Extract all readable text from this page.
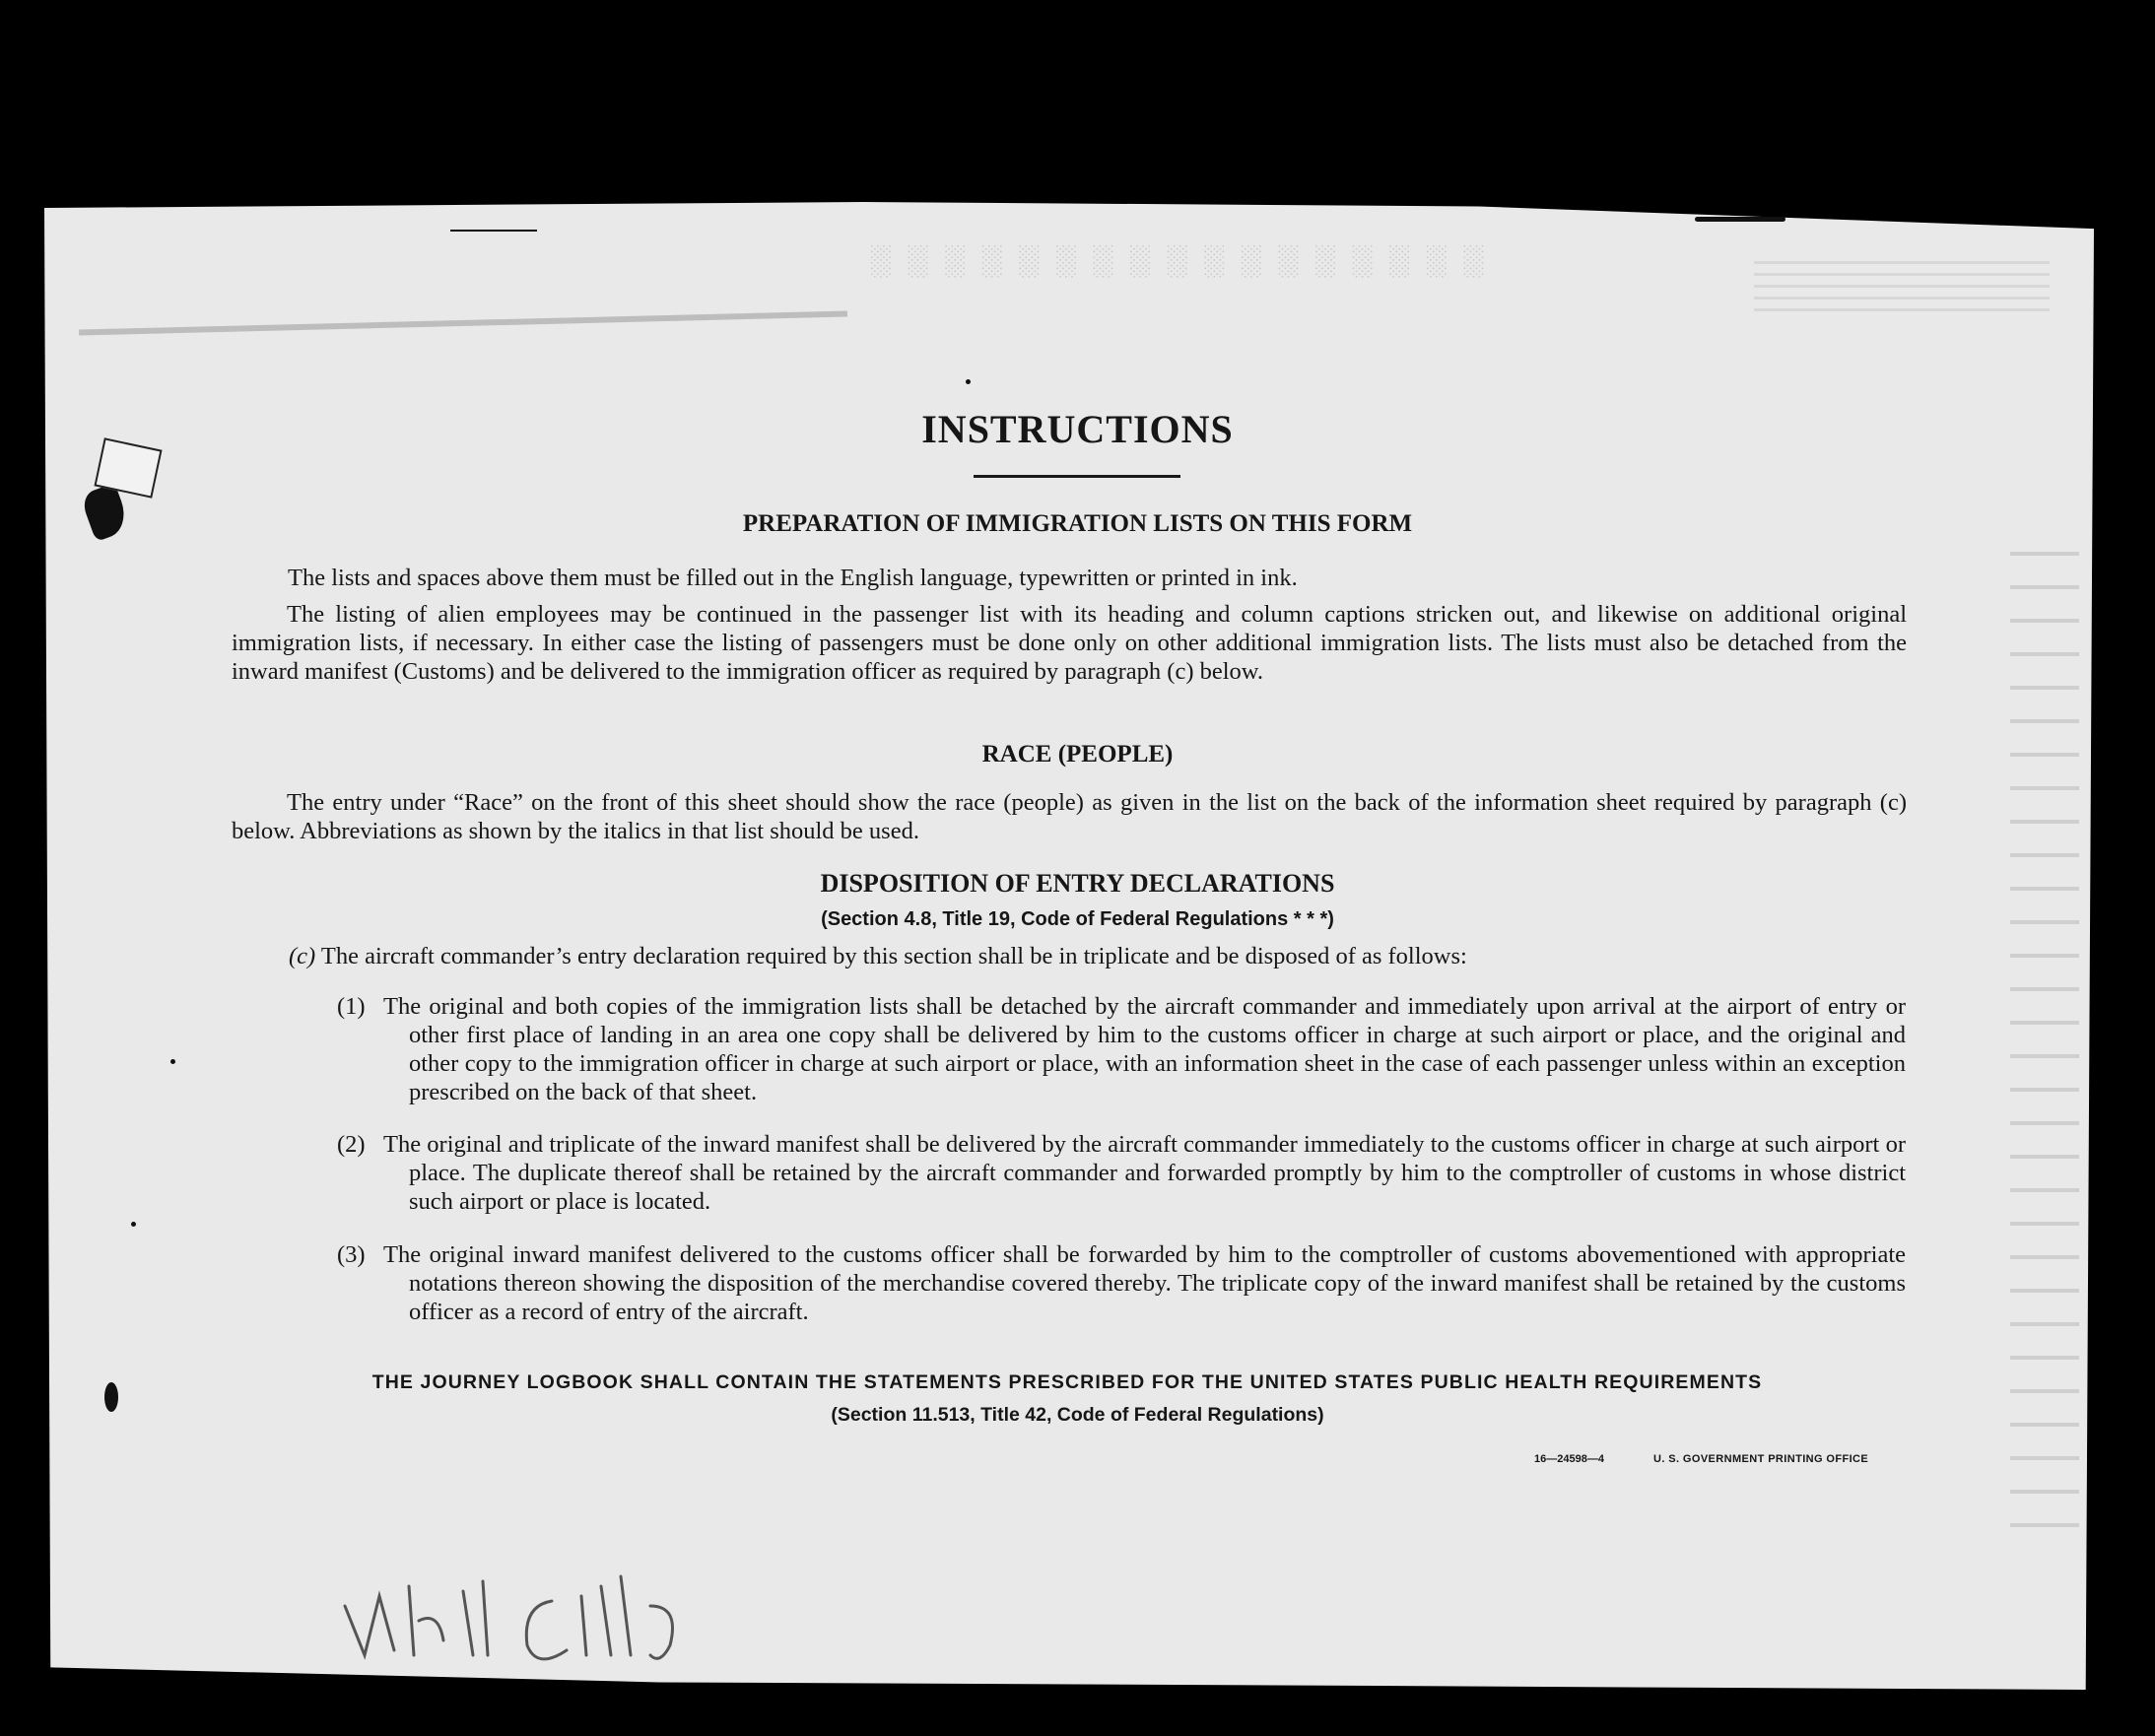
░ ░ ░ ░ ░ ░ ░ ░ ░ ░ ░ ░ ░ ░ ░ ░ ░
INSTRUCTIONS
PREPARATION OF IMMIGRATION LISTS ON THIS FORM
The lists and spaces above them must be filled out in the English language, typewritten or printed in ink.
The listing of alien employees may be continued in the passenger list with its heading and column captions stricken out, and likewise on additional original immigration lists, if necessary. In either case the listing of passengers must be done only on other additional immigration lists. The lists must also be detached from the inward manifest (Customs) and be delivered to the immigration officer as required by paragraph (c) below.
RACE (PEOPLE)
The entry under “Race” on the front of this sheet should show the race (people) as given in the list on the back of the information sheet required by paragraph (c) below. Abbreviations as shown by the italics in that list should be used.
DISPOSITION OF ENTRY DECLARATIONS
(Section 4.8, Title 19, Code of Federal Regulations * * *)
(c) The aircraft commander’s entry declaration required by this section shall be in triplicate and be disposed of as follows:
(1) The original and both copies of the immigration lists shall be detached by the aircraft commander and immediately upon arrival at the airport of entry or other first place of landing in an area one copy shall be delivered by him to the customs officer in charge at such airport or place, and the original and other copy to the immigration officer in charge at such airport or place, with an information sheet in the case of each passenger unless within an exception prescribed on the back of that sheet.
(2) The original and triplicate of the inward manifest shall be delivered by the aircraft commander immediately to the customs officer in charge at such airport or place. The duplicate thereof shall be retained by the aircraft commander and forwarded promptly by him to the comptroller of customs in whose district such airport or place is located.
(3) The original inward manifest delivered to the customs officer shall be forwarded by him to the comptroller of customs abovementioned with appropriate notations thereon showing the disposition of the merchandise covered thereby. The triplicate copy of the inward manifest shall be retained by the customs officer as a record of entry of the aircraft.
THE JOURNEY LOGBOOK SHALL CONTAIN THE STATEMENTS PRESCRIBED FOR THE UNITED STATES PUBLIC HEALTH REQUIREMENTS
(Section 11.513, Title 42, Code of Federal Regulations)
16—24598—4	U. S. GOVERNMENT PRINTING OFFICE
